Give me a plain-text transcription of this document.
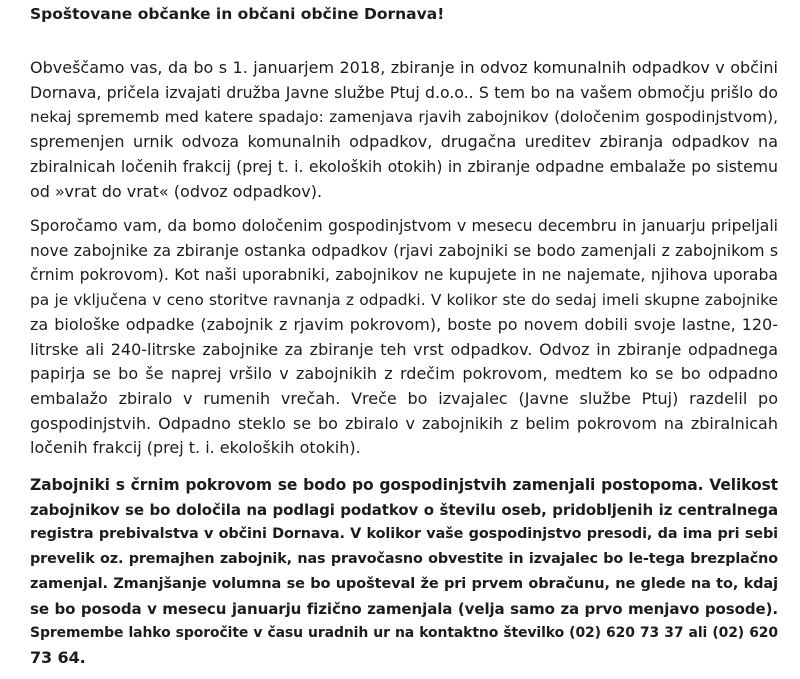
Spoštovane občanke in občani občine Dornava!
Obveščamo vas, da bo s 1. januarjem 2018, zbiranje in odvoz komunalnih odpadkov v občini
Dornava, pričela izvajati družba Javne službe Ptuj d.o.o.. S tem bo na vašem območju prišlo do
nekaj sprememb med katere spadajo: zamenjava rjavih zabojnikov (določenim gospodinjstvom),
spremenjen urnik odvoza komunalnih odpadkov, drugačna ureditev zbiranja odpadkov na
zbiralnicah ločenih frakcij (prej t. i. ekoloških otokih) in zbiranje odpadne embalaže po sistemu
od »vrat do vrat« (odvoz odpadkov).
Sporočamo vam, da bomo določenim gospodinjstvom v mesecu decembru in januarju pripeljali
nove zabojnike za zbiranje ostanka odpadkov (rjavi zabojniki se bodo zamenjali z zabojnikom s
črnim pokrovom). Kot naši uporabniki, zabojnikov ne kupujete in ne najemate, njihova uporaba
pa je vključena v ceno storitve ravnanja z odpadki. V kolikor ste do sedaj imeli skupne zabojnike
za biološke odpadke (zabojnik z rjavim pokrovom), boste po novem dobili svoje lastne, 120-
litrske ali 240-litrske zabojnike za zbiranje teh vrst odpadkov. Odvoz in zbiranje odpadnega
papirja se bo še naprej vršilo v zabojnikih z rdečim pokrovom, medtem ko se bo odpadno
embalažo zbiralo v rumenih vrečah. Vreče bo izvajalec (Javne službe Ptuj) razdelil po
gospodinjstvih. Odpadno steklo se bo zbiralo v zabojnikih z belim pokrovom na zbiralnicah
ločenih frakcij (prej t. i. ekoloških otokih).
Zabojniki s črnim pokrovom se bodo po gospodinjstvih zamenjali postopoma. Velikost
zabojnikov se bo določila na podlagi podatkov o številu oseb, pridobljenih iz centralnega
registra prebivalstva v občini Dornava. V kolikor vaše gospodinjstvo presodi, da ima pri sebi
prevelik oz. premajhen zabojnik, nas pravočasno obvestite in izvajalec bo le-tega brezplačno
zamenjal. Zmanjšanje volumna se bo upošteval že pri prvem obračunu, ne glede na to, kdaj
se bo posoda v mesecu januarju fizično zamenjala (velja samo za prvo menjavo posode).
Spremembe lahko sporočite v času uradnih ur na kontaktno številko (02) 620 73 37 ali (02) 620
73 64.
